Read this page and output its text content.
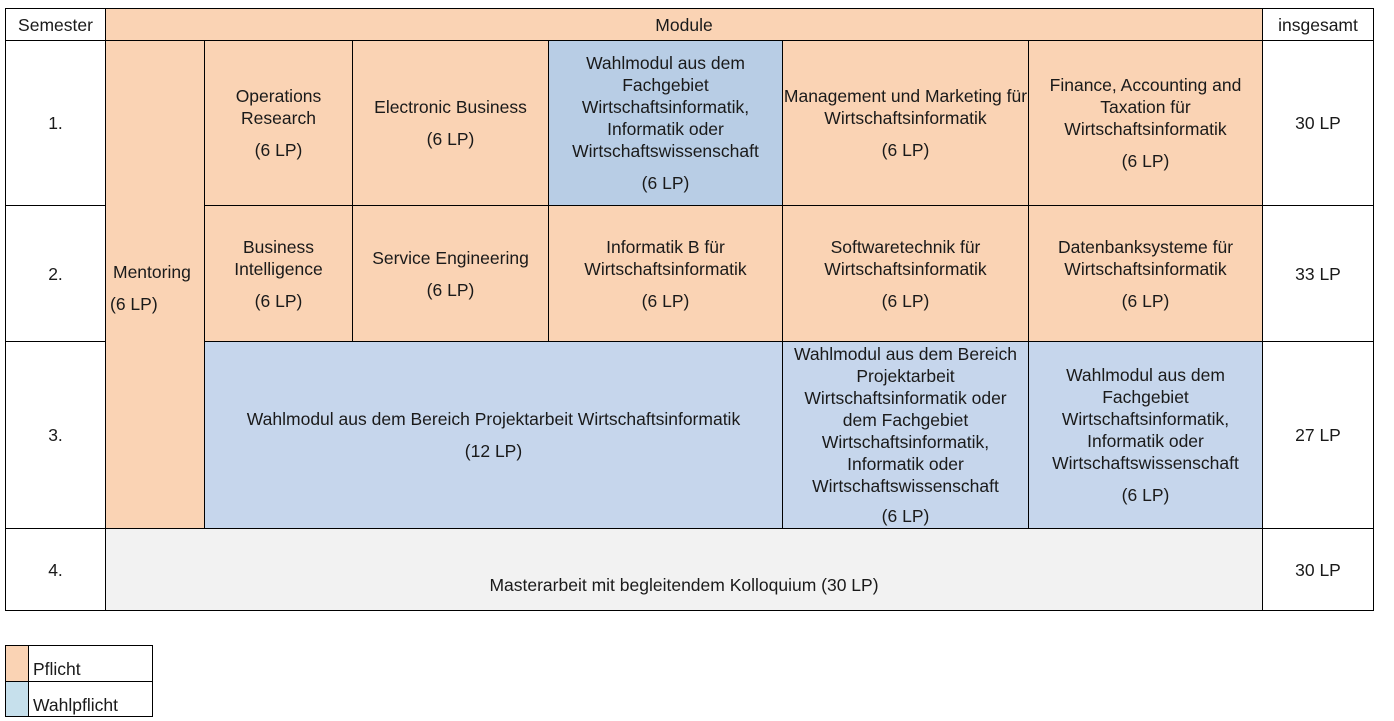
Semester	Module	insgesamt
1.
2.
3.
4.
Mentoring
(6 LP)
Operations Research
(6 LP)
Electronic Business
(6 LP)
Wahlmodul aus dem Fachgebiet Wirtschaftsinformatik, Informatik oder Wirtschaftswissenschaft
(6 LP)
Management und Marketing für Wirtschaftsinformatik
(6 LP)
Finance, Accounting and Taxation für Wirtschaftsinformatik
(6 LP)
Business Intelligence
(6 LP)
Service Engineering
(6 LP)
Informatik B für Wirtschaftsinformatik
(6 LP)
Softwaretechnik für Wirtschaftsinformatik
(6 LP)
Datenbanksysteme für Wirtschaftsinformatik
(6 LP)
Wahlmodul aus dem Bereich Projektarbeit Wirtschaftsinformatik
(12 LP)
Wahlmodul aus dem Bereich Projektarbeit Wirtschaftsinformatik oder dem Fachgebiet Wirtschaftsinformatik, Informatik oder Wirtschaftswissenschaft
(6 LP)
Wahlmodul aus dem Fachgebiet Wirtschaftsinformatik, Informatik oder Wirtschaftswissenschaft
(6 LP)
Masterarbeit mit begleitendem Kolloquium (30 LP)
30 LP
33 LP
27 LP
30 LP
Pflicht
Wahlpflicht
